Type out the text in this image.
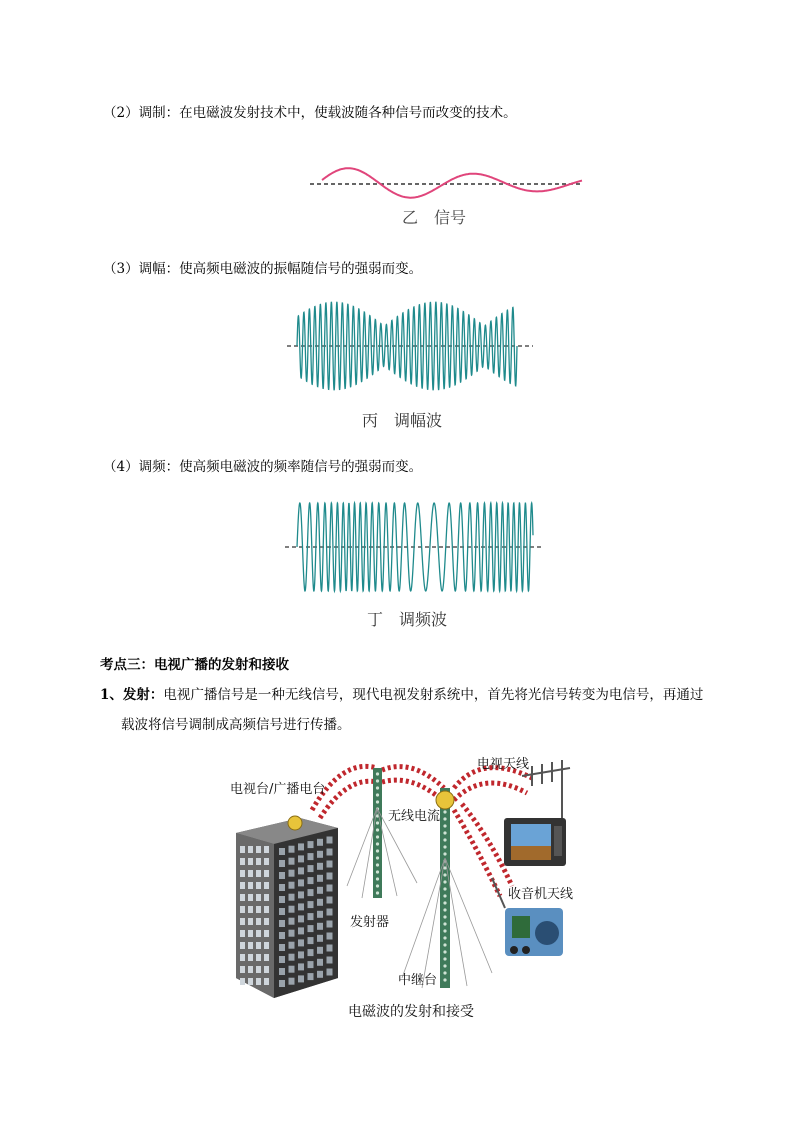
（2）调制：在电磁波发射技术中，使载波随各种信号而改变的技术。
乙　信号
（3）调幅：使高频电磁波的振幅随信号的强弱而变。
丙　调幅波
（4）调频：使高频电磁波的频率随信号的强弱而变。
丁　调频波
考点三：电视广播的发射和接收
1、发射：电视广播信号是一种无线信号，现代电视发射系统中，首先将光信号转变为电信号，再通过
载波将信号调制成高频信号进行传播。
电视台/广播电台
电视天线
无线电流
收音机天线
发射器
中继台
电磁波的发射和接受
